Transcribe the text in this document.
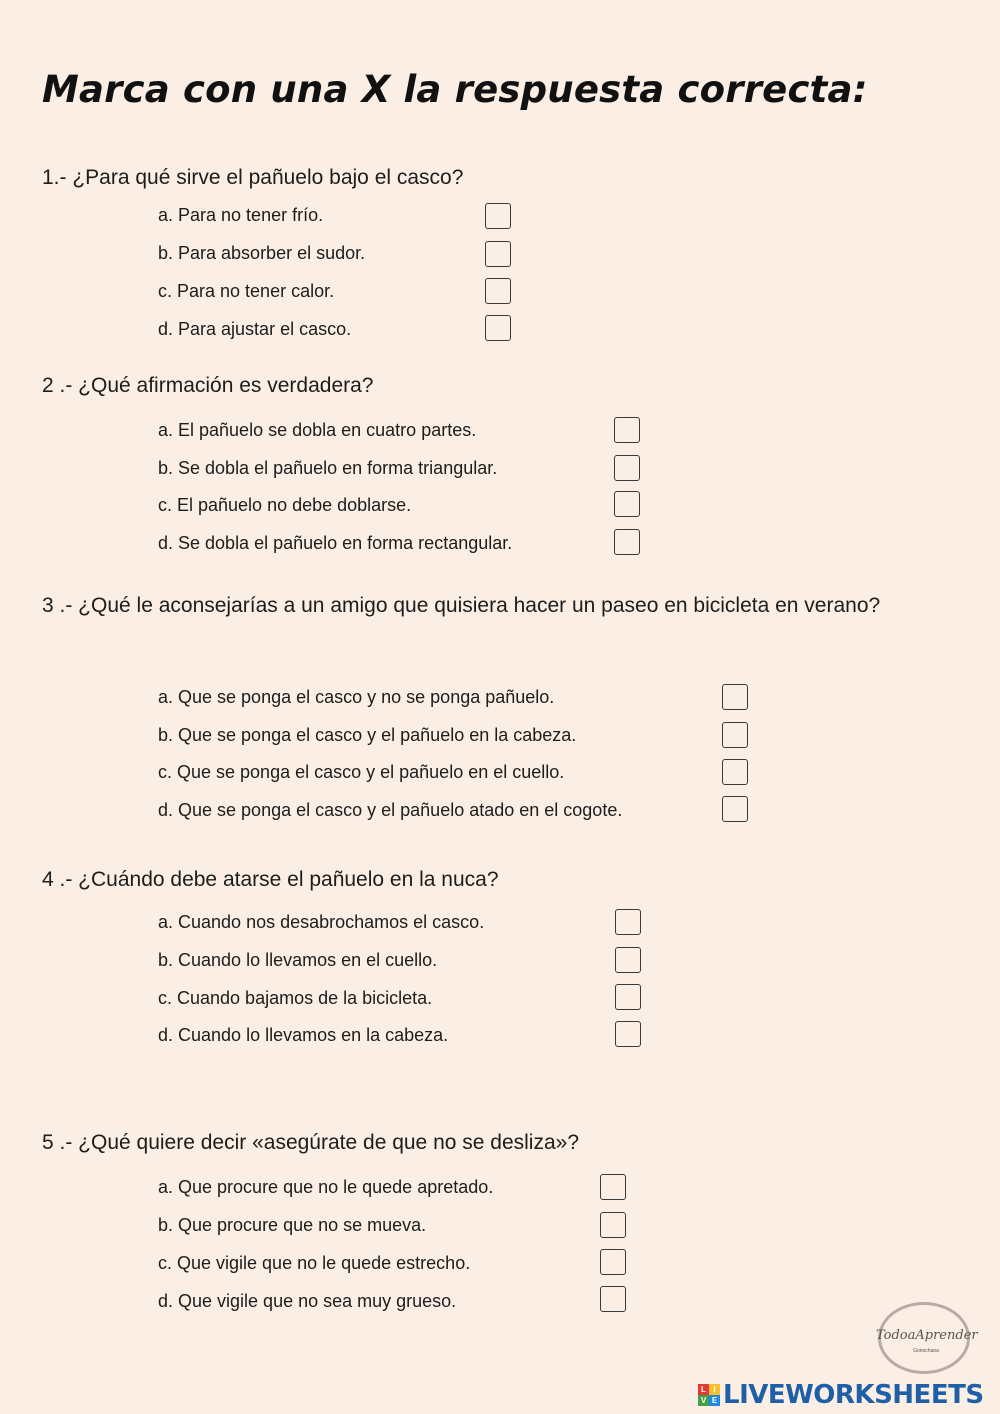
Marca con una X la respuesta correcta:

1.- ¿Para qué sirve el pañuelo bajo el casco?

a. Para no tener frío.
b. Para absorber el sudor.
c. Para no tener calor.
d. Para ajustar el casco.

2 .- ¿Qué afirmación es verdadera?

a. El pañuelo se dobla en cuatro partes.
b. Se dobla el pañuelo en forma triangular.
c. El pañuelo no debe doblarse.
d. Se dobla el pañuelo en forma rectangular.

3 .- ¿Qué le aconsejarías a un amigo que quisiera hacer un paseo en bicicleta en verano?

a. Que se ponga el casco y no se ponga pañuelo.
b. Que se ponga el casco y el pañuelo en la cabeza.
c. Que se ponga el casco y el pañuelo en el cuello.
d. Que se ponga el casco y el pañuelo atado en el cogote.

4 .- ¿Cuándo debe atarse el pañuelo en la nuca?

a. Cuando nos desabrochamos el casco.
b. Cuando lo llevamos en el cuello.
c. Cuando bajamos de la bicicleta.
d. Cuando lo llevamos en la cabeza.

5 .- ¿Qué quiere decir «asegúrate de que no se desliza»?

a. Que procure que no le quede apretado.
b. Que procure que no se mueva.
c. Que vigile que no le quede estrecho.
d. Que vigile que no sea muy grueso.
TodoaAprender
Gonochana
L I
V E LIVEWORKSHEETS
